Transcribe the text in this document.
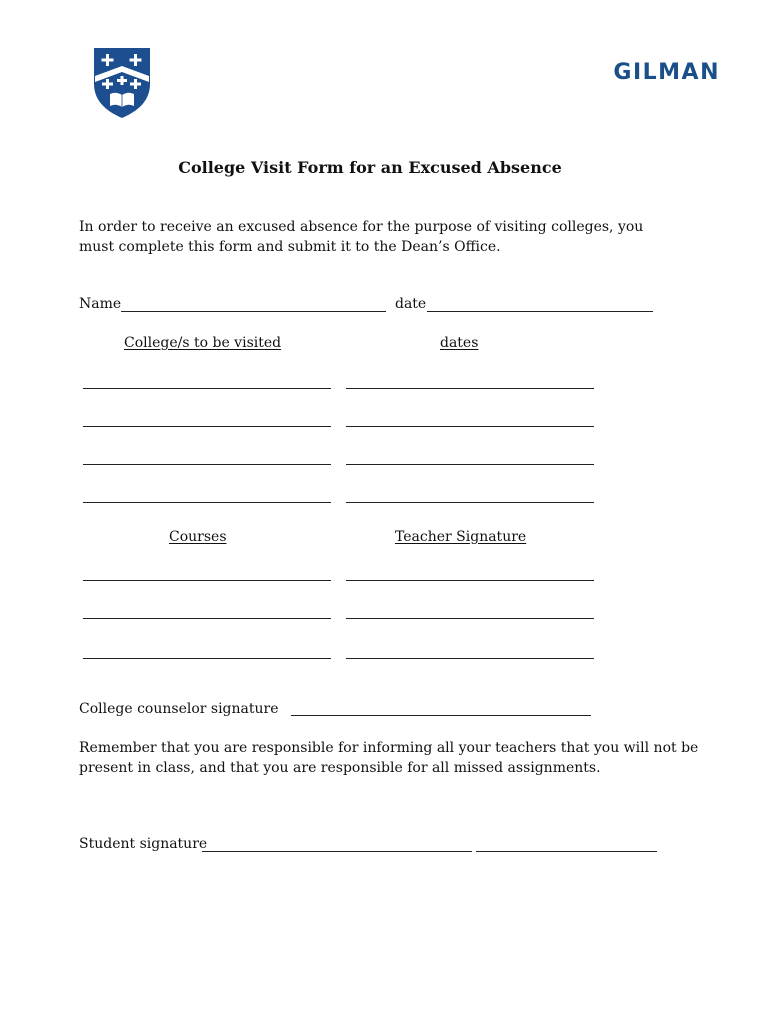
GILMAN
College Visit Form for an Excused Absence
In order to receive an excused absence for the purpose of visiting colleges, you must complete this form and submit it to the Dean’s Office.
Name	date
College/s to be visited	dates
Courses	Teacher Signature
College counselor signature
Remember that you are responsible for informing all your teachers that you will not be present in class, and that you are responsible for all missed assignments.
Student signature
